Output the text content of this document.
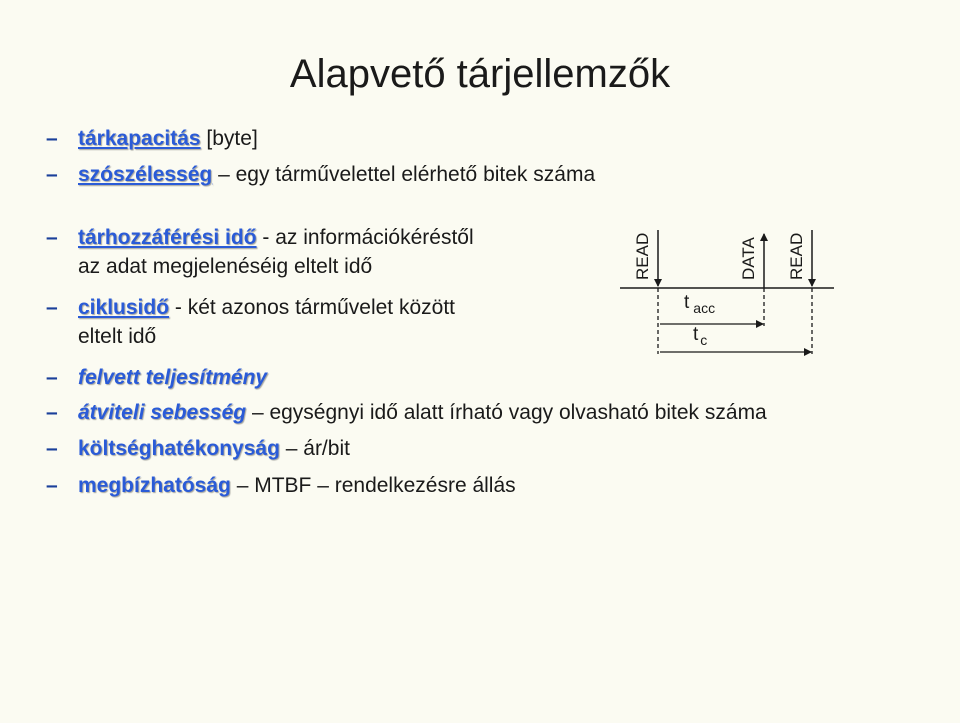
Alapvető tárjellemzők
– tárkapacitás [byte]
– szószélesség – egy tárművelettel elérhető bitek száma
– tárhozzáférési idő - az információkéréstől
az adat megjelenéséig eltelt idő
– ciklusidő - két azonos tárművelet között
eltelt idő
– felvett teljesítmény
– átviteli sebesség – egységnyi idő alatt írható vagy olvasható bitek száma
– költséghatékonyság – ár/bit
– megbízhatóság – MTBF – rendelkezésre állás
READ	DATA READ
t $_{acc}$
t $_c$
